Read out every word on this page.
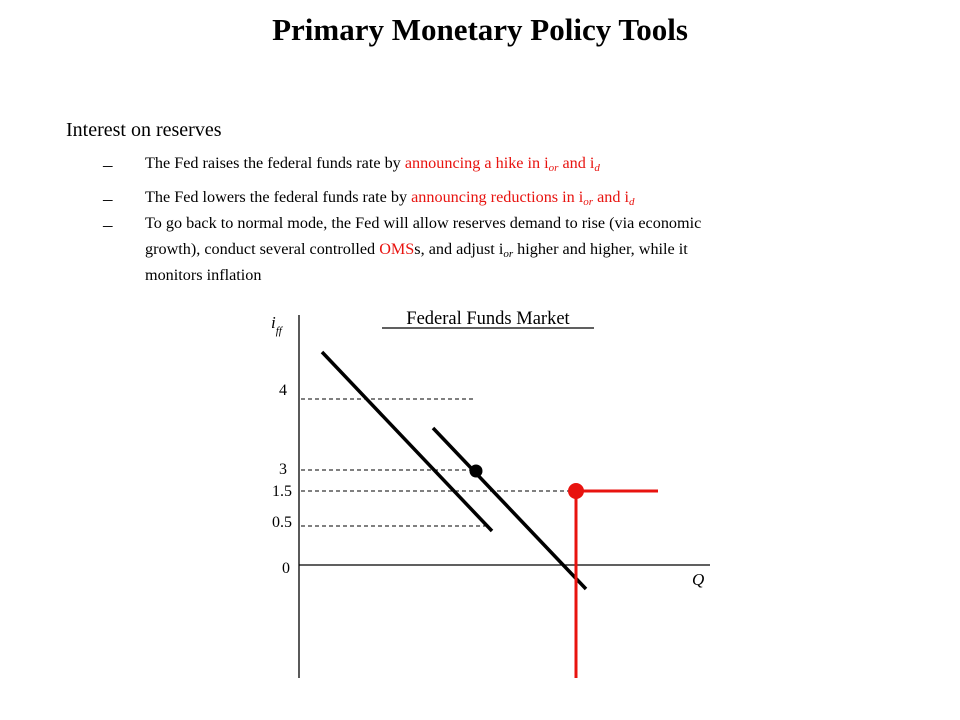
Primary Monetary Policy Tools
Interest on reserves
– The Fed raises the federal funds rate by announcing a hike in $i_{or}$ and $i_d$
– The Fed lowers the federal funds rate by announcing reductions in $i_{or}$ and $i_d$
– To go back to normal mode, the Fed will allow reserves demand to rise (via economic
growth), conduct several controlled OMSs, and adjust $i_{or}$ higher and higher, while it
monitors inflation
Federal Funds Market
$i_{ff}$
4
3
1.5
0.5
0
Q
